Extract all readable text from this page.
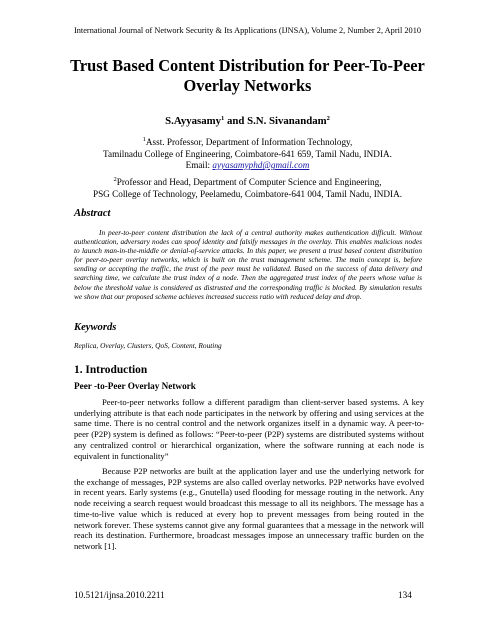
International Journal of Network Security & Its Applications (IJNSA), Volume 2, Number 2, April 2010
Trust Based Content Distribution for Peer-To-Peer Overlay Networks
S.Ayyasamy$^1$ and S.N. Sivanandam$^2$
$^1$Asst. Professor, Department of Information Technology,
Tamilnadu College of Engineering, Coimbatore-641 659, Tamil Nadu, INDIA.
Email: ayyasamyphd@gmail.com
$^2$Professor and Head, Department of Computer Science and Engineering,
PSG College of Technology, Peelamedu, Coimbatore-641 004, Tamil Nadu, INDIA.
Abstract
In peer-to-peer content distribution the lack of a central authority makes authentication difficult. Without authentication, adversary nodes can spoof identity and falsify messages in the overlay. This enables malicious nodes to launch man-in-the-middle or denial-of-service attacks. In this paper, we present a trust based content distribution for peer-to-peer overlay networks, which is built on the trust management scheme. The main concept is, before sending or accepting the traffic, the trust of the peer must be validated. Based on the success of data delivery and searching time, we calculate the trust index of a node. Then the aggregated trust index of the peers whose value is below the threshold value is considered as distrusted and the corresponding traffic is blocked. By simulation results we show that our proposed scheme achieves increased success ratio with reduced delay and drop.
Keywords
Replica, Overlay, Clusters, QoS, Content, Routing
1. Introduction
Peer -to-Peer Overlay Network
Peer-to-peer networks follow a different paradigm than client-server based systems. A key underlying attribute is that each node participates in the network by offering and using services at the same time. There is no central control and the network organizes itself in a dynamic way. A peer-to-peer (P2P) system is defined as follows: “Peer-to-peer (P2P) systems are distributed systems without any centralized control or hierarchical organization, where the software running at each node is equivalent in functionality”
Because P2P networks are built at the application layer and use the underlying network for the exchange of messages, P2P systems are also called overlay networks. P2P networks have evolved in recent years. Early systems (e.g., Gnutella) used flooding for message routing in the network. Any node receiving a search request would broadcast this message to all its neighbors. The message has a time-to-live value which is reduced at every hop to prevent messages from being routed in the network forever. These systems cannot give any formal guarantees that a message in the network will reach its destination. Furthermore, broadcast messages impose an unnecessary traffic burden on the network [1].
10.5121/ijnsa.2010.2211	134
